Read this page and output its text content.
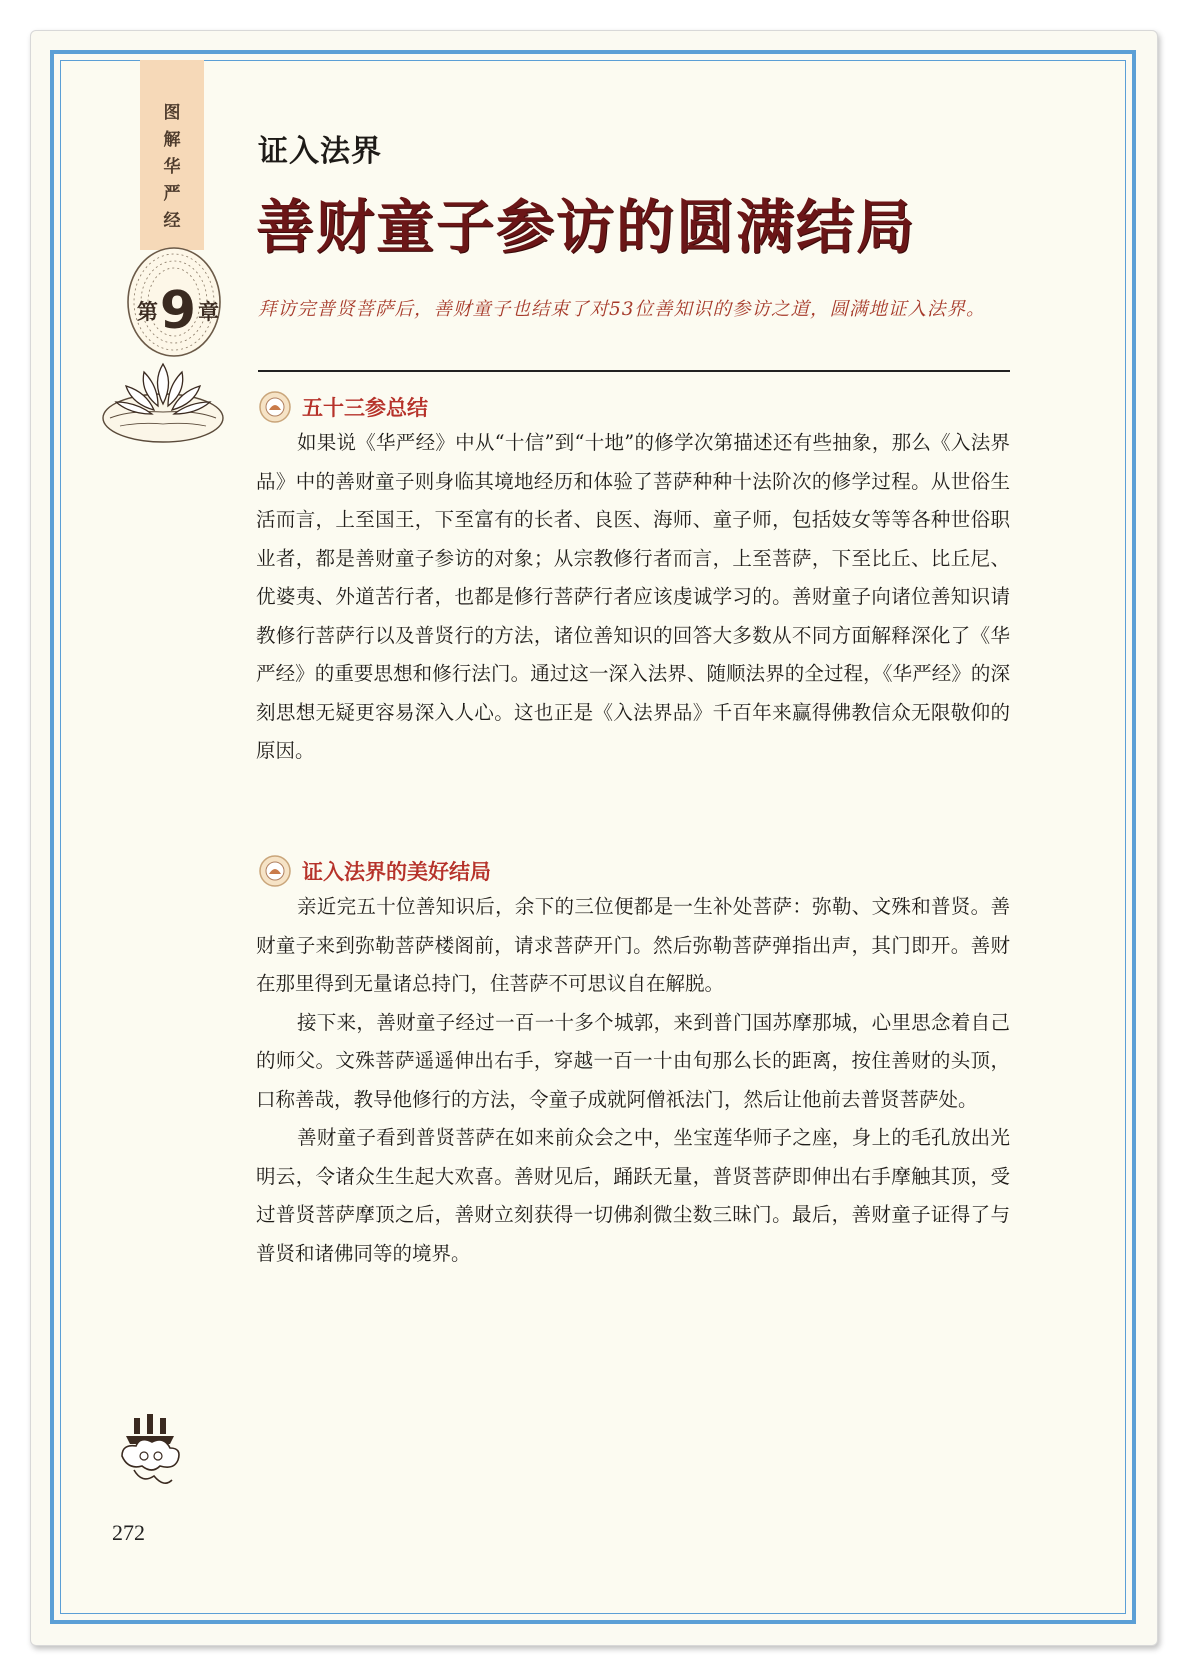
图
解
华
严
经
第 9 章
证入法界
善财童子参访的圆满结局
拜访完普贤菩萨后，善财童子也结束了对53位善知识的参访之道，圆满地证入法界。
五十三参总结

如果说《华严经》中从“十信”到“十地”的修学次第描述还有些抽象，那么《入法界品》中的善财童子则身临其境地经历和体验了菩萨种种十法阶次的修学过程。从世俗生活而言，上至国王，下至富有的长者、良医、海师、童子师，包括妓女等等各种世俗职业者，都是善财童子参访的对象；从宗教修行者而言，上至菩萨，下至比丘、比丘尼、优婆夷、外道苦行者，也都是修行菩萨行者应该虔诚学习的。善财童子向诸位善知识请教修行菩萨行以及普贤行的方法，诸位善知识的回答大多数从不同方面解释深化了《华严经》的重要思想和修行法门。通过这一深入法界、随顺法界的全过程，《华严经》的深刻思想无疑更容易深入人心。这也正是《入法界品》千百年来赢得佛教信众无限敬仰的原因。

证入法界的美好结局

亲近完五十位善知识后，余下的三位便都是一生补处菩萨：弥勒、文殊和普贤。善财童子来到弥勒菩萨楼阁前，请求菩萨开门。然后弥勒菩萨弹指出声，其门即开。善财在那里得到无量诸总持门，住菩萨不可思议自在解脱。

接下来，善财童子经过一百一十多个城郭，来到普门国苏摩那城，心里思念着自己的师父。文殊菩萨遥遥伸出右手，穿越一百一十由旬那么长的距离，按住善财的头顶，口称善哉，教导他修行的方法，令童子成就阿僧祇法门，然后让他前去普贤菩萨处。

善财童子看到普贤菩萨在如来前众会之中，坐宝莲华师子之座，身上的毛孔放出光明云，令诸众生生起大欢喜。善财见后，踊跃无量，普贤菩萨即伸出右手摩触其顶，受过普贤菩萨摩顶之后，善财立刻获得一切佛刹微尘数三昧门。最后，善财童子证得了与普贤和诸佛同等的境界。

272
